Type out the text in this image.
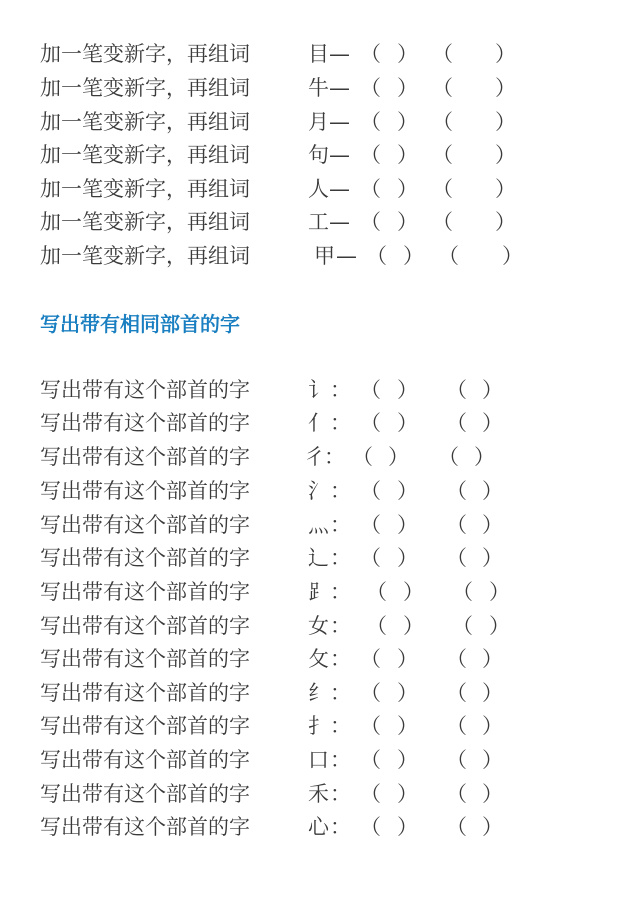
加一笔变新字，再组词	目 — （ ） （ ）
加一笔变新字，再组词	牛 — （ ） （ ）
加一笔变新字，再组词	月 — （ ） （ ）
加一笔变新字，再组词	句 — （ ） （ ）
加一笔变新字，再组词	人 — （ ） （ ）
加一笔变新字，再组词	工 — （ ） （ ）
加一笔变新字，再组词	甲 — （ ） （ ）
写出带有相同部首的字
写出带有这个部首的字	讠 ： （ ） （ ）
写出带有这个部首的字	亻 ： （ ） （ ）
写出带有这个部首的字	彳 ： （ ） （ ）
写出带有这个部首的字	氵 ： （ ） （ ）
写出带有这个部首的字	灬 ： （ ） （ ）
写出带有这个部首的字	辶 ： （ ） （ ）
写出带有这个部首的字	⻊ ： （ ） （ ）
写出带有这个部首的字	女 ： （ ） （ ）
写出带有这个部首的字	攵 ： （ ） （ ）
写出带有这个部首的字	纟 ： （ ） （ ）
写出带有这个部首的字	扌 ： （ ） （ ）
写出带有这个部首的字	口 ： （ ） （ ）
写出带有这个部首的字	禾 ： （ ） （ ）
写出带有这个部首的字	心 ： （ ） （ ）
